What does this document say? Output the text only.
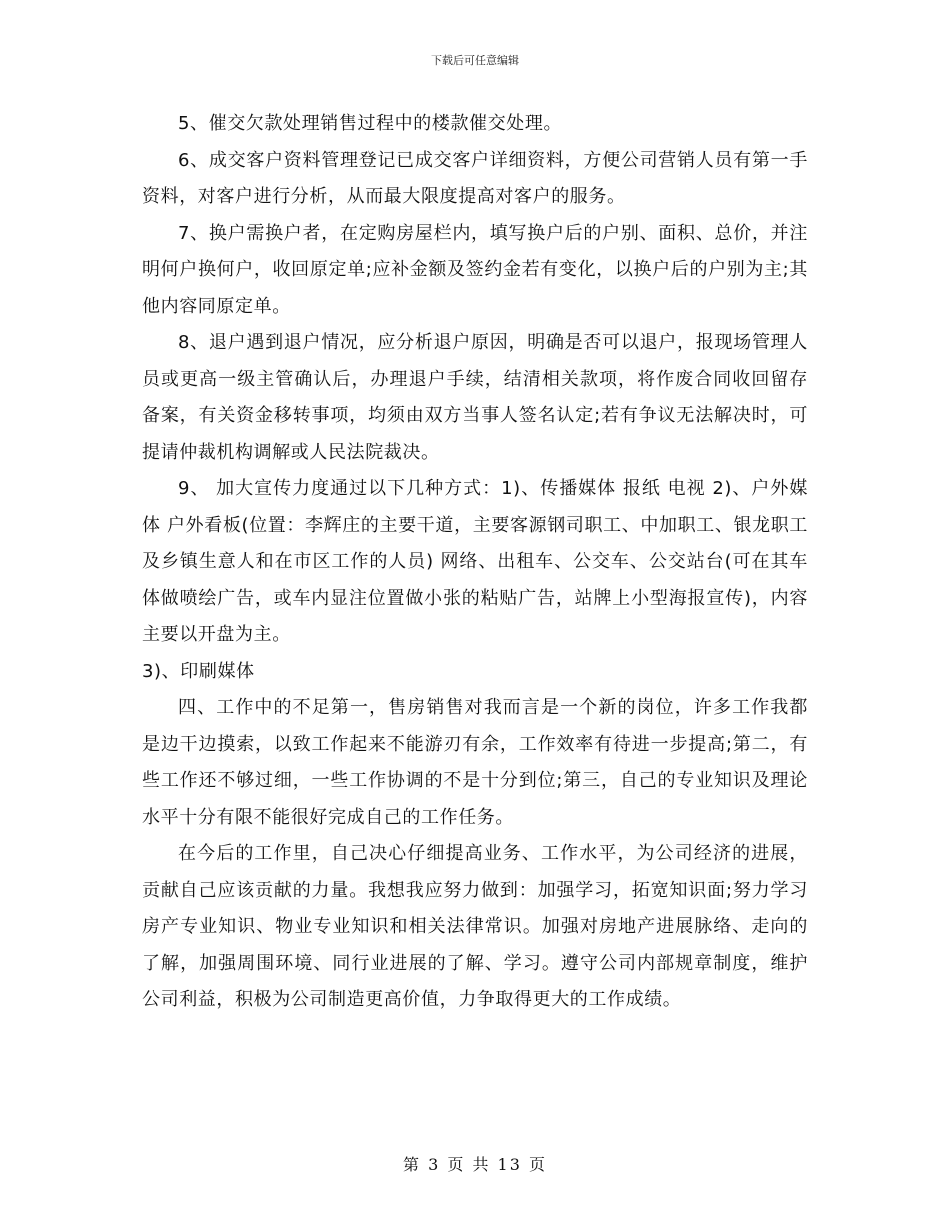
下载后可任意编辑

5、催交欠款处理销售过程中的楼款催交处理。

6、成交客户资料管理登记已成交客户详细资料，方便公司营销人员有第一手资料，对客户进行分析，从而最大限度提高对客户的服务。

7、换户需换户者，在定购房屋栏内，填写换户后的户别、面积、总价，并注明何户换何户，收回原定单;应补金额及签约金若有变化，以换户后的户别为主;其他内容同原定单。

8、退户遇到退户情况，应分析退户原因，明确是否可以退户，报现场管理人员或更高一级主管确认后，办理退户手续，结清相关款项，将作废合同收回留存备案，有关资金移转事项，均须由双方当事人签名认定;若有争议无法解决时，可提请仲裁机构调解或人民法院裁决。

9、 加大宣传力度通过以下几种方式：1)、传播媒体 报纸 电视 2)、户外媒体 户外看板(位置：李辉庄的主要干道，主要客源钢司职工、中加职工、银龙职工及乡镇生意人和在市区工作的人员) 网络、出租车、公交车、公交站台(可在其车体做喷绘广告，或车内显注位置做小张的粘贴广告，站牌上小型海报宣传)，内容主要以开盘为主。

3)、印刷媒体

四、工作中的不足第一，售房销售对我而言是一个新的岗位，许多工作我都是边干边摸索，以致工作起来不能游刃有余，工作效率有待进一步提高;第二，有些工作还不够过细，一些工作协调的不是十分到位;第三，自己的专业知识及理论水平十分有限不能很好完成自己的工作任务。

在今后的工作里，自己决心仔细提高业务、工作水平，为公司经济的进展，贡献自己应该贡献的力量。我想我应努力做到：加强学习，拓宽知识面;努力学习房产专业知识、物业专业知识和相关法律常识。加强对房地产进展脉络、走向的了解，加强周围环境、同行业进展的了解、学习。遵守公司内部规章制度，维护公司利益，积极为公司制造更高价值，力争取得更大的工作成绩。

第 3 页 共 13 页
